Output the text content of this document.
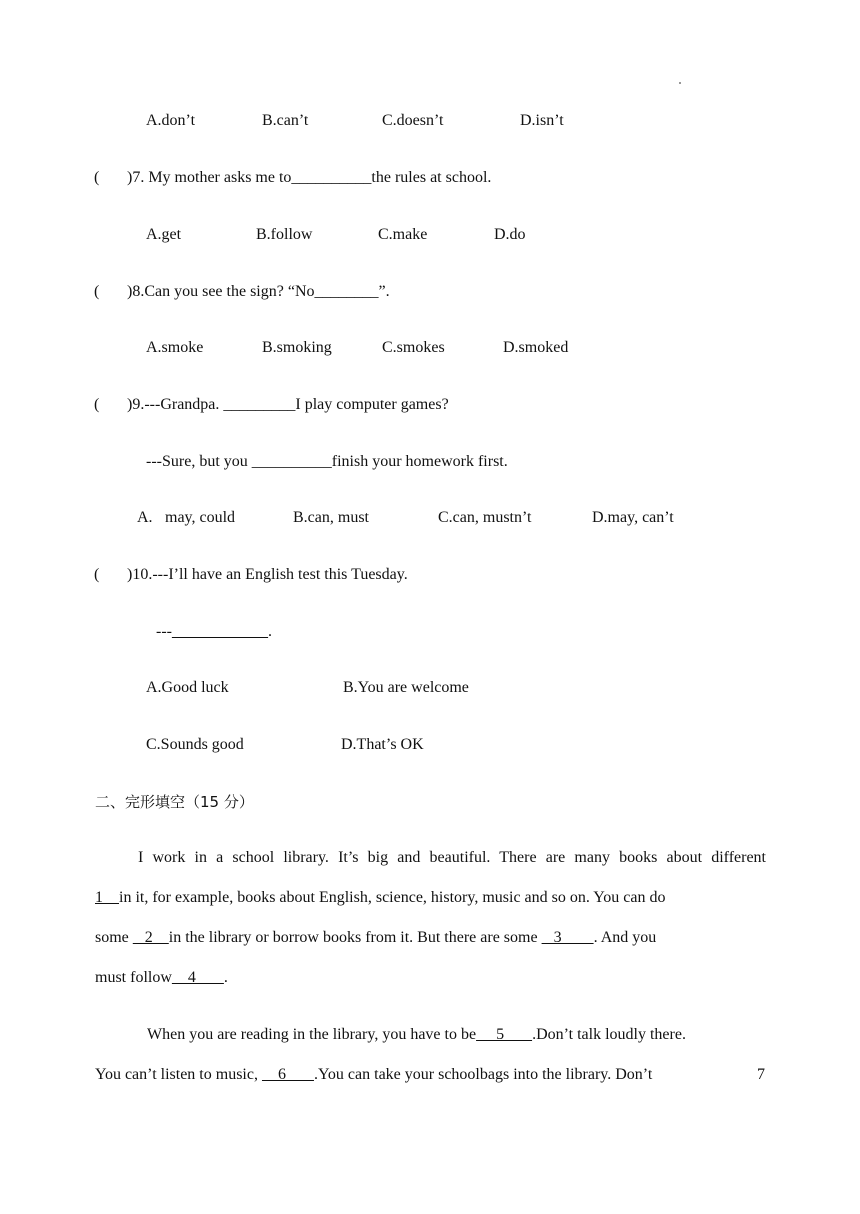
A.don’t	B.can’t	C.doesn’t	D.isn’t
( )7. My mother asks me to__________the rules at school.
A.get	B.follow	C.make	D.do
( )8.Can you see the sign? “No________”.
A.smoke	B.smoking	C.smokes	D.smoked
( )9.---Grandpa. _________I play computer games?
---Sure, but you __________finish your homework first.
A. may, could	B.can, must	C.can, mustn’t	D.may, can’t
( )10.---I’ll have an English test this Tuesday.
---____________.
A.Good luck	B.You are welcome
C.Sounds good	D.That’s OK
二、完形填空（15 分）
I work in a school library. It’s big and beautiful. There are many books about different
1    in it, for example, books about English, science, history, music and so on. You can do
some    2    in the library or borrow books from it. But there are some    3        . And you
must follow    4       .
When you are reading in the library, you have to be     5       .Don’t talk loudly there.
You can’t listen to music,     6       .You can take your schoolbags into the library. Don’t	7
